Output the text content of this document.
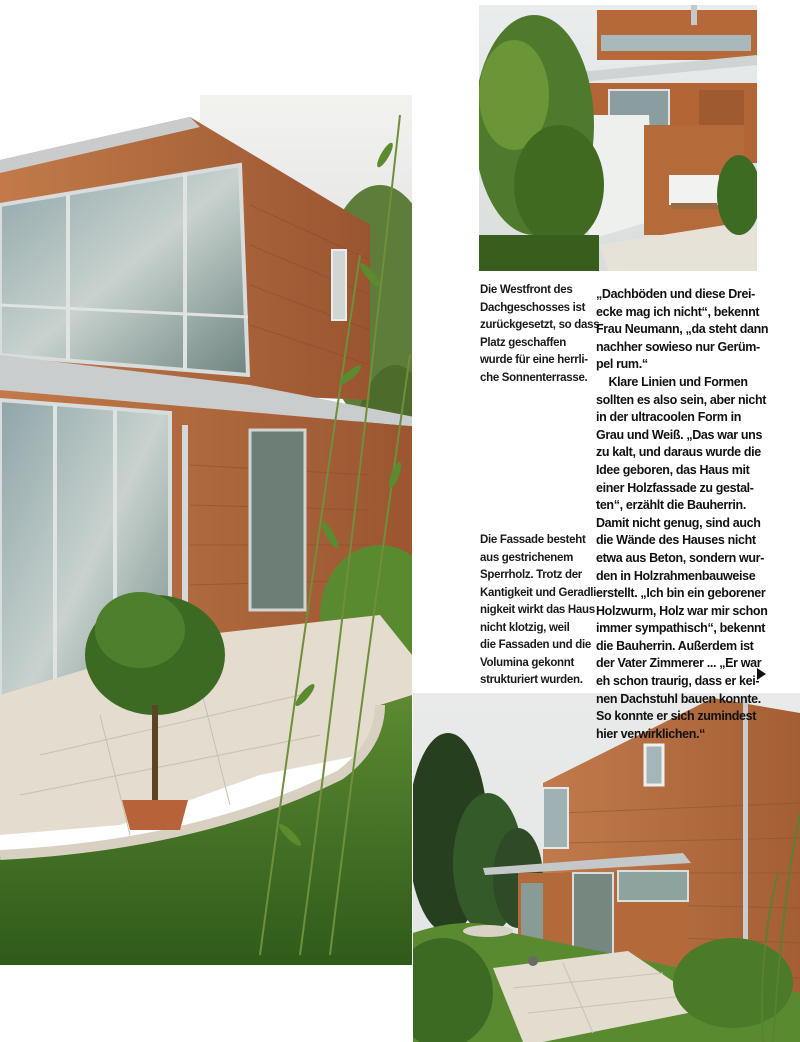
Die Westfront des
Dachgeschosses ist
zurückgesetzt, so dass
Platz geschaffen
wurde für eine herrli-
che Sonnenterrasse.
Die Fassade besteht
aus gestrichenem
Sperrholz. Trotz der
Kantigkeit und Geradli-
nigkeit wirkt das Haus
nicht klotzig, weil
die Fassaden und die
Volumina gekonnt
strukturiert wurden.
„Dachböden und diese Drei-
ecke mag ich nicht“, bekennt
Frau Neumann, „da steht dann
nachher sowieso nur Gerüm-
pel rum.“
Klare Linien und Formen
sollten es also sein, aber nicht
in der ultracoolen Form in
Grau und Weiß. „Das war uns
zu kalt, und daraus wurde die
Idee geboren, das Haus mit
einer Holzfassade zu gestal-
ten“, erzählt die Bauherrin.
Damit nicht genug, sind auch
die Wände des Hauses nicht
etwa aus Beton, sondern wur-
den in Holzrahmenbauweise
erstellt. „Ich bin ein geborener
Holzwurm, Holz war mir schon
immer sympathisch“, bekennt
die Bauherrin. Außerdem ist
der Vater Zimmerer ... „Er war
eh schon traurig, dass er kei-
nen Dachstuhl bauen konnte.
So konnte er sich zumindest
hier verwirklichen.“
